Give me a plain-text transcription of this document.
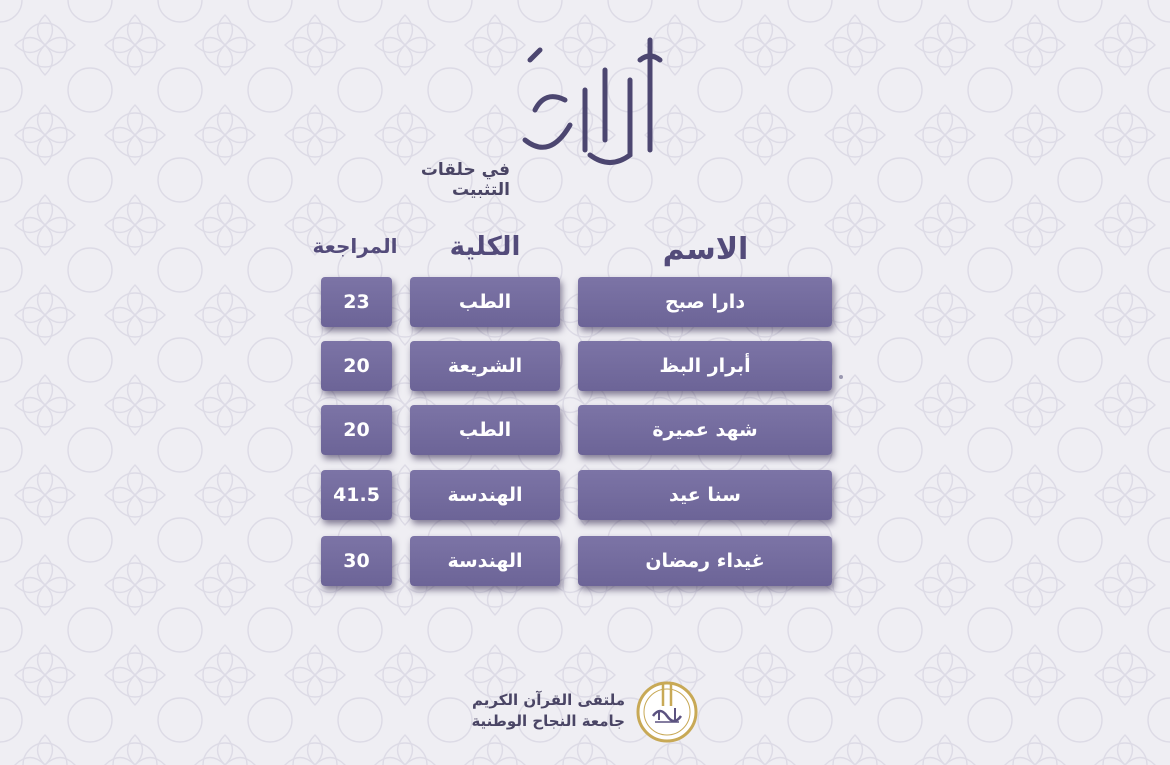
أهل الهمم
في حلقات التثبيت
الاسم
الكلية
المراجعة
دارا صبح
الطب
23
أبرار البظ
الشريعة
20
شهد عميرة
الطب
20
سنا عيد
الهندسة
41.5
غيداء رمضان
الهندسة
30
ملتقى القرآن الكريم
جامعة النجاح الوطنية
